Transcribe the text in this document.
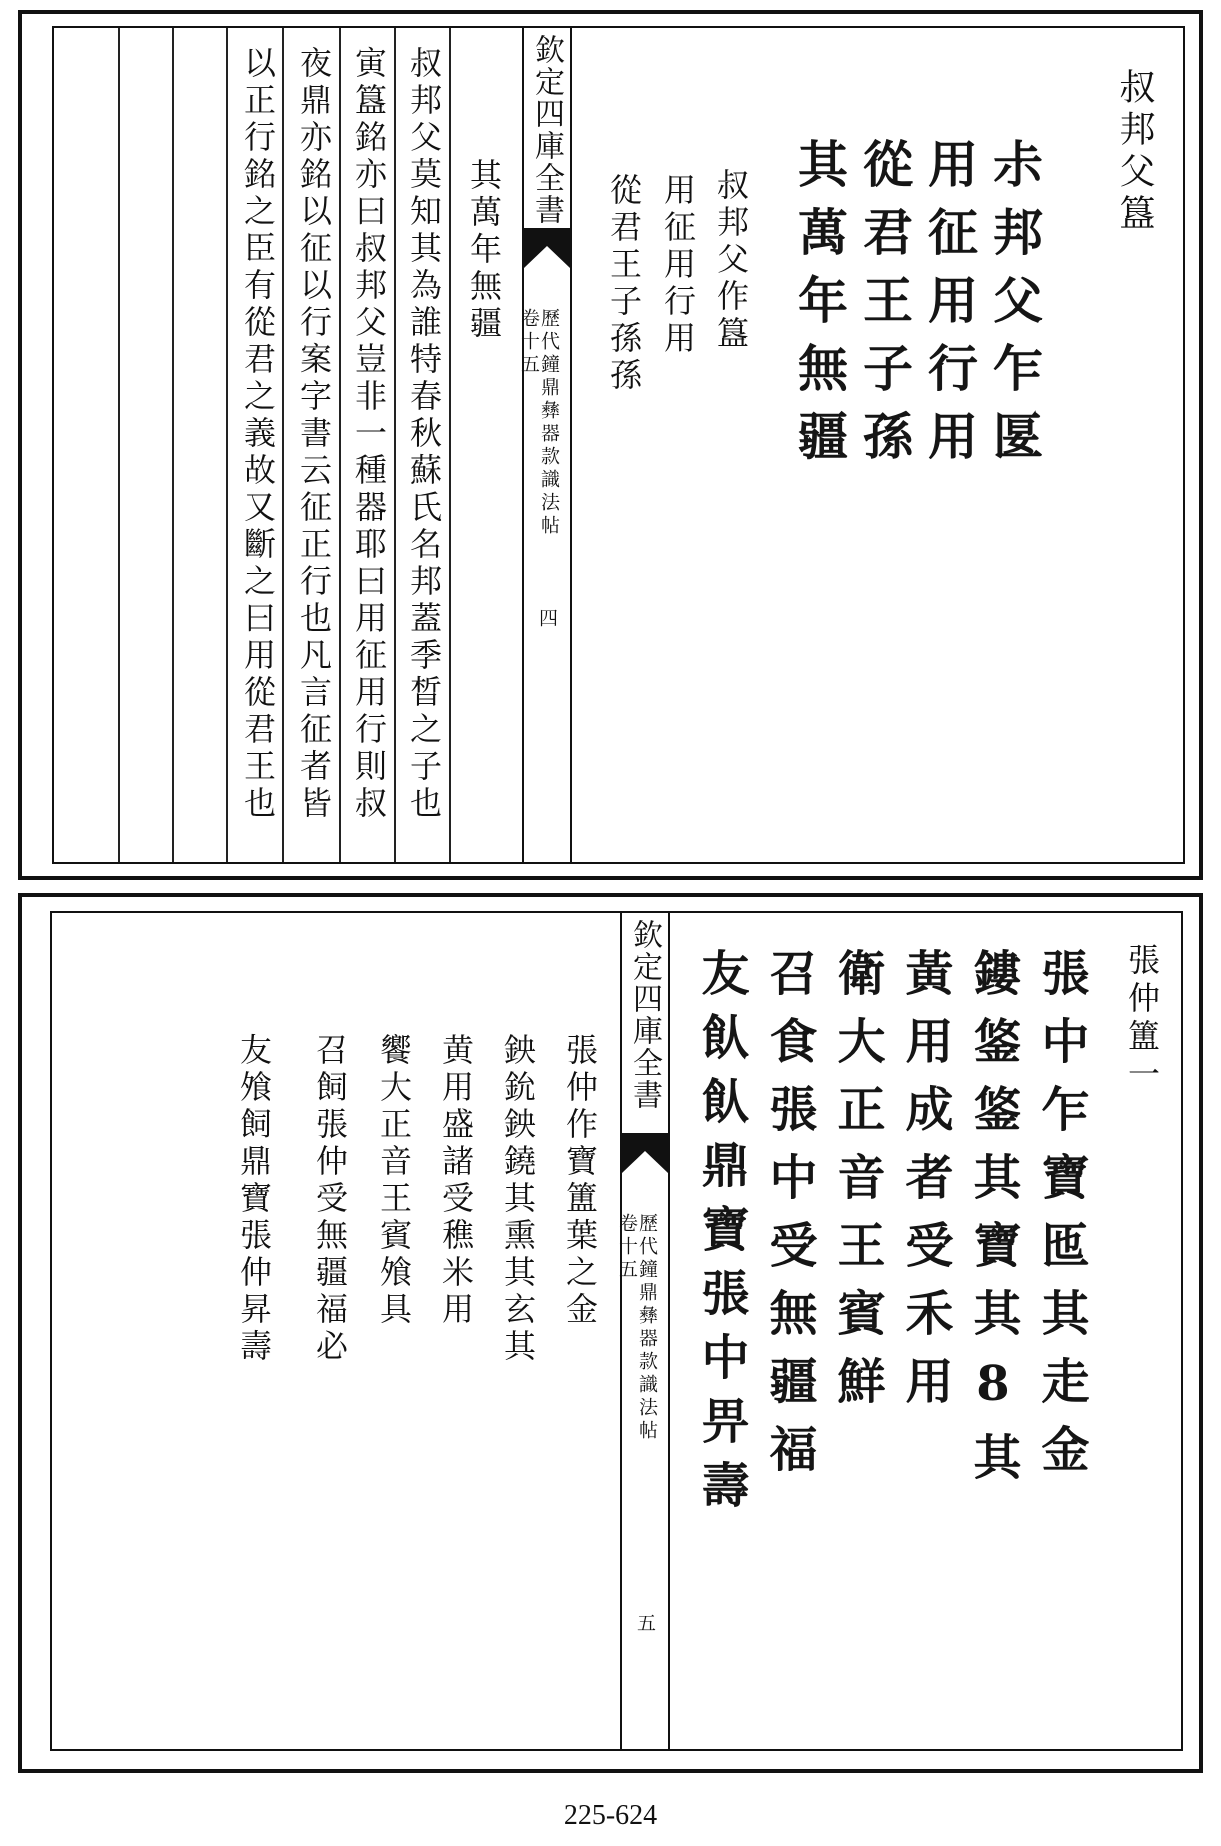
叔邦父簋
尗邦父乍匽
用征用行用
從君王子孫
其萬年無疆
叔邦父作簋
用征用行用
從君王子孫孫
欽定四庫全書
歷代鐘鼎彝器款識法帖
卷十五
四
其萬年無疆
叔邦父莫知其為誰特春秋蘇氏名邦蓋季晳之子也
寅簋銘亦曰叔邦父豈非一種器耶曰用征用行則叔
夜鼎亦銘以征以行案字書云征正行也凡言征者皆
以正行銘之臣有從君之義故又斷之曰用從君王也
張仲簠一
張中乍寶匜其走金
鏤鋚鋚其寶其8其
黃用成者受禾用
衛大正音王賓鮮
召食張中受無疆福
友飤飤鼎寶張中畀壽
欽定四庫全書
歷代鐘鼎彝器款識法帖
卷十五
五
張仲作寶簠葉之金
鉠鈗鉠鐃其熏其玄其
黄用盛諸受穛米用
饗大正音王賓飧具
召飼張仲受無疆福必
友飧飼鼎寶張仲昇壽
225-624
